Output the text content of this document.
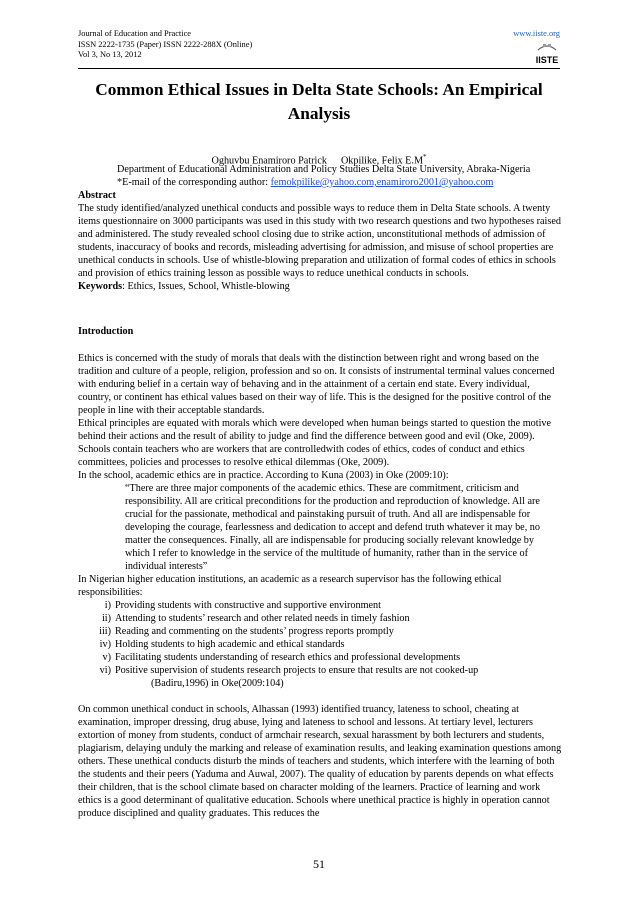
Journal of Education and Practice
ISSN 2222-1735 (Paper) ISSN 2222-288X (Online)
Vol 3, No 13, 2012
www.iiste.org
IISTE
Common Ethical Issues in Delta State Schools: An Empirical
Analysis
Oghuvbu Enamiroro Patrick Okpilike, Felix E.M*
Department of Educational Administration and Policy Studies Delta State University, Abraka-Nigeria
*E-mail of the corresponding author: femokpilike@yahoo.com,enamiroro2001@yahoo.com

Abstract

The study identified/analyzed unethical conducts and possible ways to reduce them in Delta State schools. A twenty items questionnaire on 3000 participants was used in this study with two research questions and two hypotheses raised and administered. The study revealed school closing due to strike action, unconstitutional methods of admission of students, inaccuracy of books and records, misleading advertising for admission, and misuse of school properties are unethical conducts in schools. Use of whistle-blowing preparation and utilization of formal codes of ethics in schools and provision of ethics training lesson as possible ways to reduce unethical conducts in schools.

Keywords: Ethics, Issues, School, Whistle-blowing

Introduction

Ethics is concerned with the study of morals that deals with the distinction between right and wrong based on the tradition and culture of a people, religion, profession and so on. It consists of instrumental terminal values concerned with enduring belief in a certain way of behaving and in the attainment of a certain end state. Every individual, country, or continent has ethical values based on their way of life. This is the designed for the positive control of the people in line with their acceptable standards.

Ethical principles are equated with morals which were developed when human beings started to question the motive behind their actions and the result of ability to judge and find the difference between good and evil (Oke, 2009). Schools contain teachers who are workers that are controlledwith codes of ethics, codes of conduct and ethics committees, policies and processes to resolve ethical dilemmas (Oke, 2009).

In the school, academic ethics are in practice. According to Kuna (2003) in Oke (2009:10):

“There are three major components of the academic ethics. These are commitment, criticism and responsibility. All are critical preconditions for the production and reproduction of knowledge. All are crucial for the passionate, methodical and painstaking pursuit of truth. And all are indispensable for developing the courage, fearlessness and dedication to accept and defend truth whatever it may be, no matter the consequences. Finally, all are indispensable for producing socially relevant knowledge by which I refer to knowledge in the service of the multitude of humanity, rather than in the service of individual interests”

In Nigerian higher education institutions, an academic as a research supervisor has the following ethical responsibilities:

i) Providing students with constructive and supportive environment
ii) Attending to students’ research and other related needs in timely fashion
iii) Reading and commenting on the students’ progress reports promptly
iv) Holding students to high academic and ethical standards
v) Facilitating students understanding of research ethics and professional developments
vi) Positive supervision of students research projects to ensure that results are not cooked-up
(Badiru,1996) in Oke(2009:104)

On common unethical conduct in schools, Alhassan (1993) identified truancy, lateness to school, cheating at examination, improper dressing, drug abuse, lying and lateness to school and lessons. At tertiary level, lecturers extortion of money from students, conduct of armchair research, sexual harassment by both lecturers and students, plagiarism, delaying unduly the marking and release of examination results, and leaking examination questions among others. These unethical conducts disturb the minds of teachers and students, which interfere with the learning of both the students and their peers (Yaduma and Auwal, 2007). The quality of education by parents depends on what effects their children, that is the school climate based on character molding of the learners. Practice of learning and work ethics is a good determinant of qualitative education. Schools where unethical practice is highly in operation cannot produce disciplined and quality graduates. This reduces the

51
